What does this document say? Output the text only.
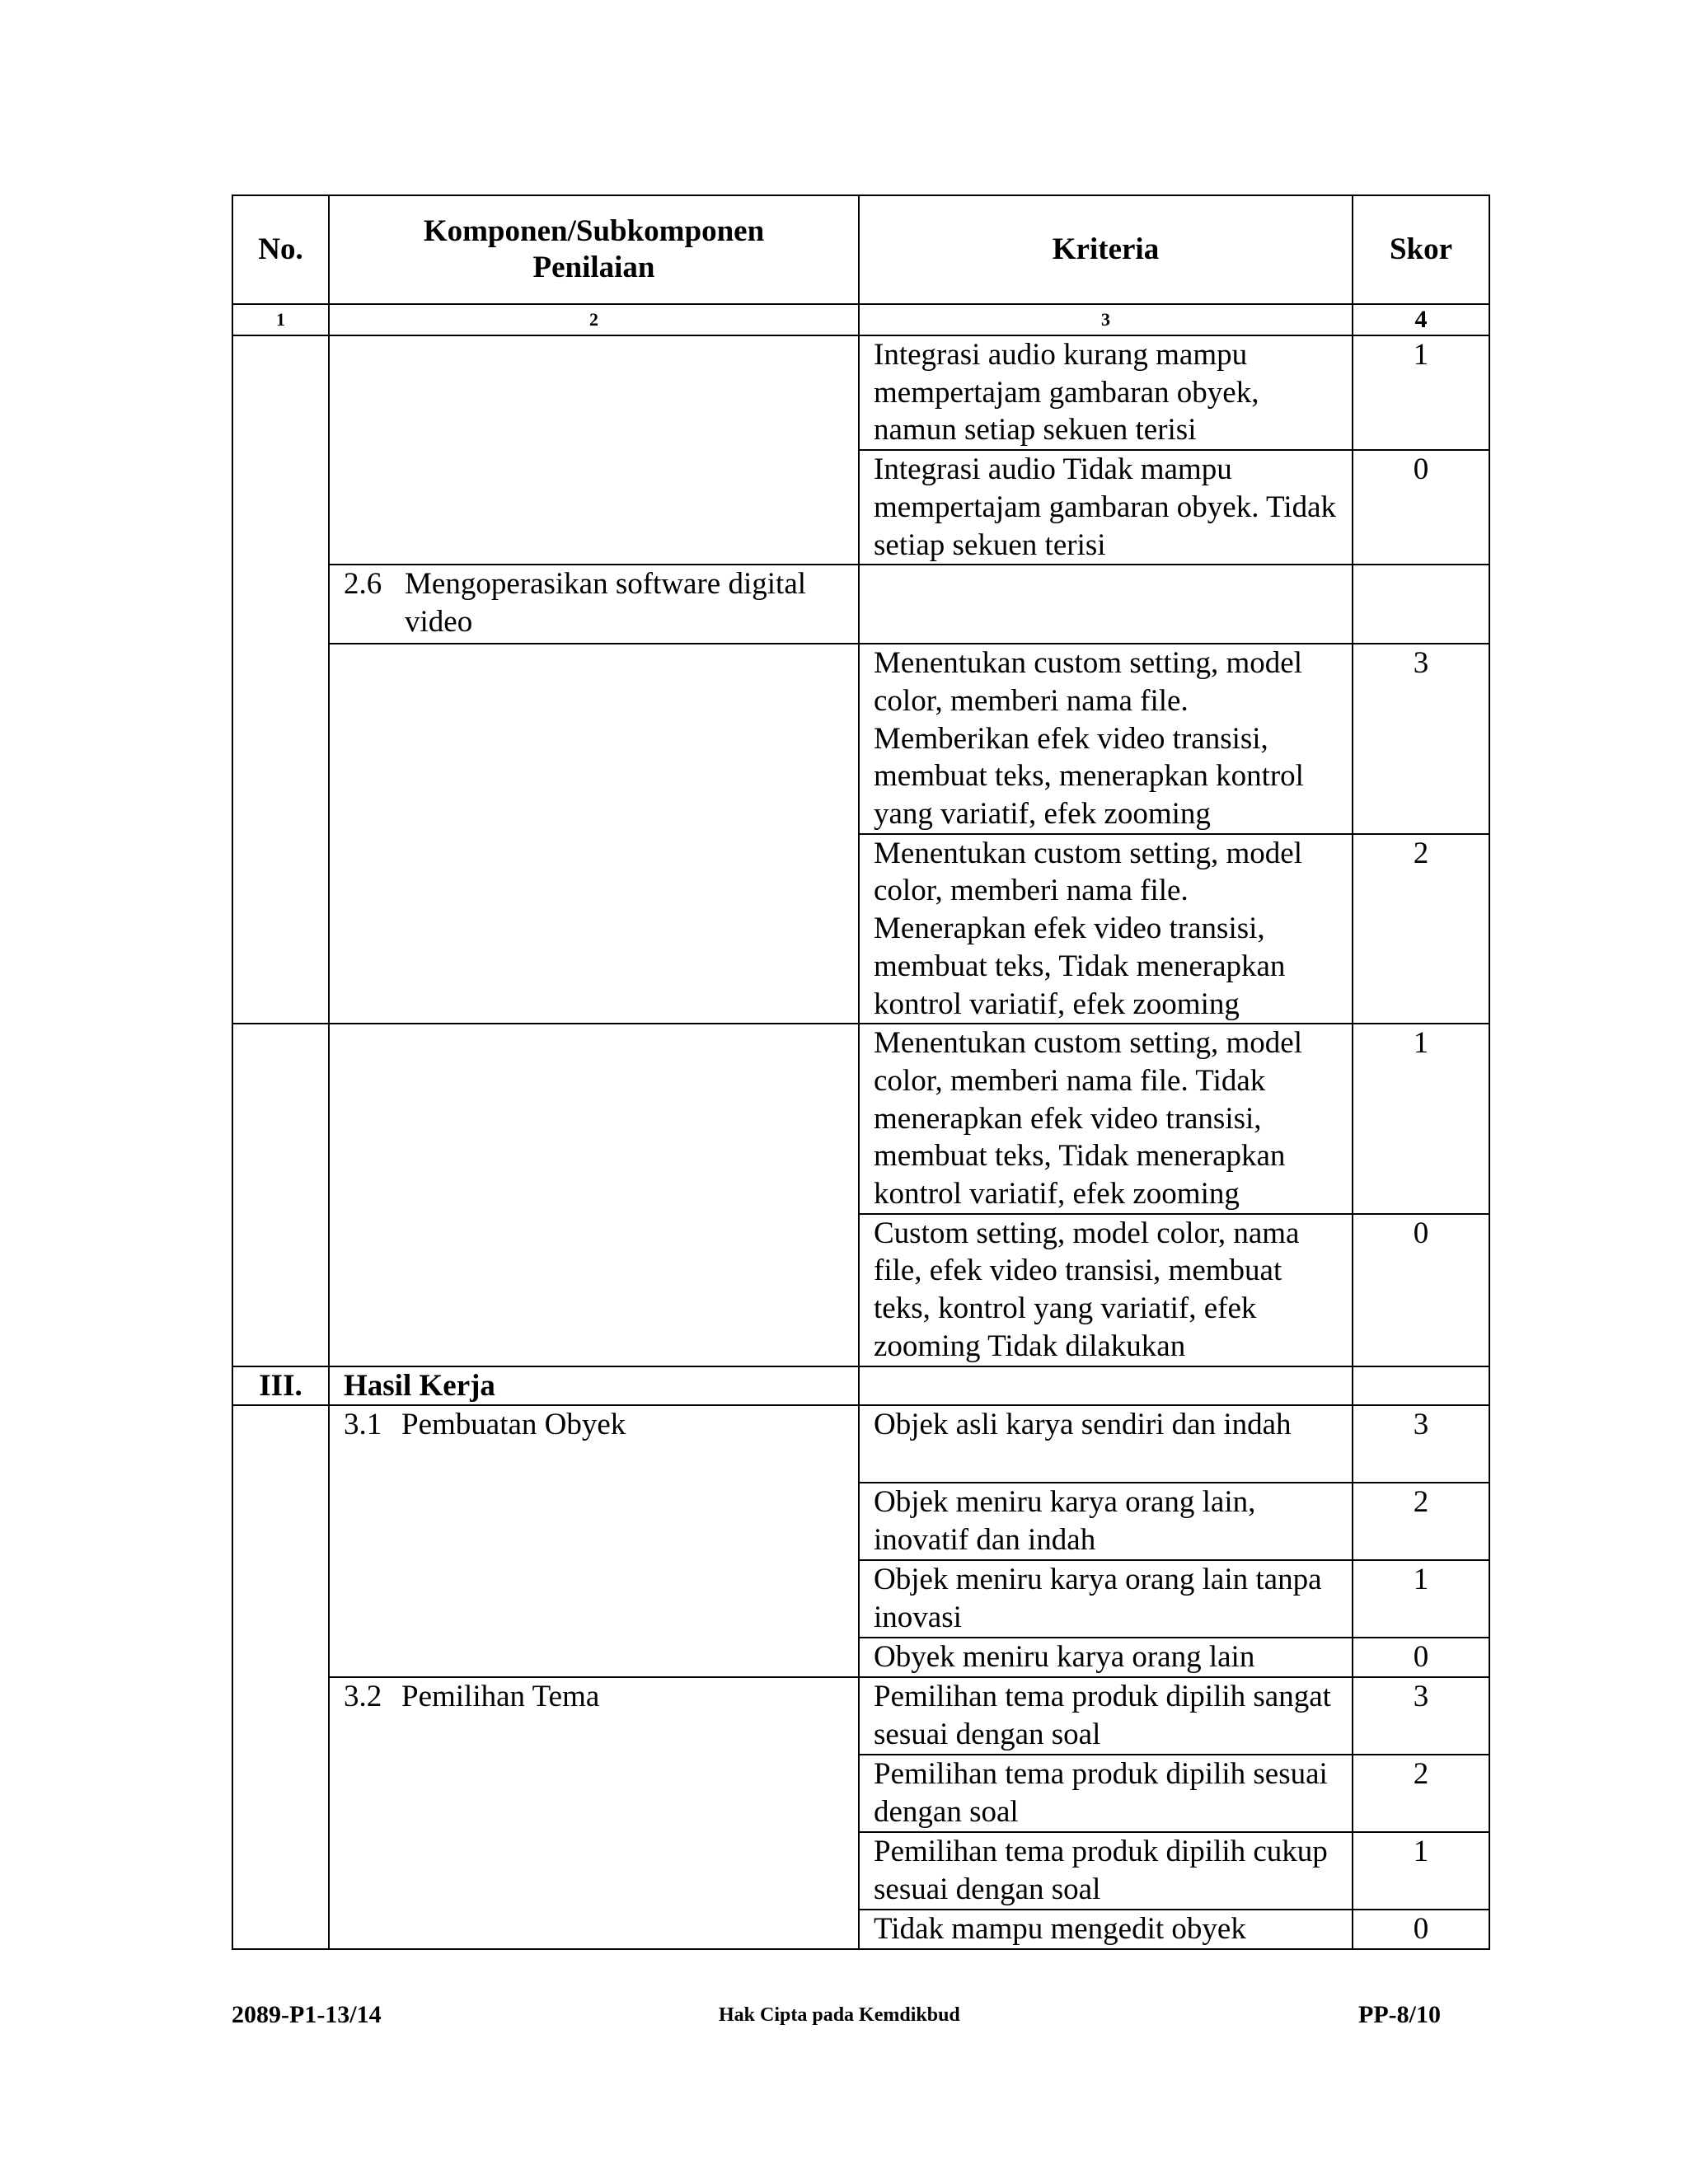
No.	Komponen/Subkomponen Penilaian	Kriteria	Skor
1	2	3	4
		Integrasi audio kurang mampu mempertajam gambaran obyek, namun setiap sekuen terisi	1
		Integrasi audio Tidak mampu mempertajam gambaran obyek. Tidak setiap sekuen terisi	0

	2.6 Mengoperasikan software digital
video		

		Menentukan custom setting, model color, memberi nama file. Memberikan efek video transisi, membuat teks, menerapkan kontrol yang variatif, efek zooming	3
		Menentukan custom setting, model color, memberi nama file. Menerapkan efek video transisi, membuat teks, Tidak menerapkan kontrol variatif, efek zooming	2
		Menentukan custom setting, model color, memberi nama file. Tidak menerapkan efek video transisi, membuat teks, Tidak menerapkan kontrol variatif, efek zooming	1
		Custom setting, model color, nama file, efek video transisi, membuat teks, kontrol yang variatif, efek zooming Tidak dilakukan	0
III.	Hasil Kerja		
	3.1 Pembuatan Obyek	Objek asli karya sendiri dan indah	3
		Objek meniru karya orang lain, inovatif dan indah	2
		Objek meniru karya orang lain tanpa inovasi	1
		Obyek meniru karya orang lain	0
	3.2 Pemilihan Tema	Pemilihan tema produk dipilih sangat sesuai dengan soal	3
		Pemilihan tema produk dipilih sesuai dengan soal	2
		Pemilihan tema produk dipilih cukup sesuai dengan soal	1
		Tidak mampu mengedit obyek	0
2089-P1-13/14	Hak Cipta pada Kemdikbud	PP-8/10
